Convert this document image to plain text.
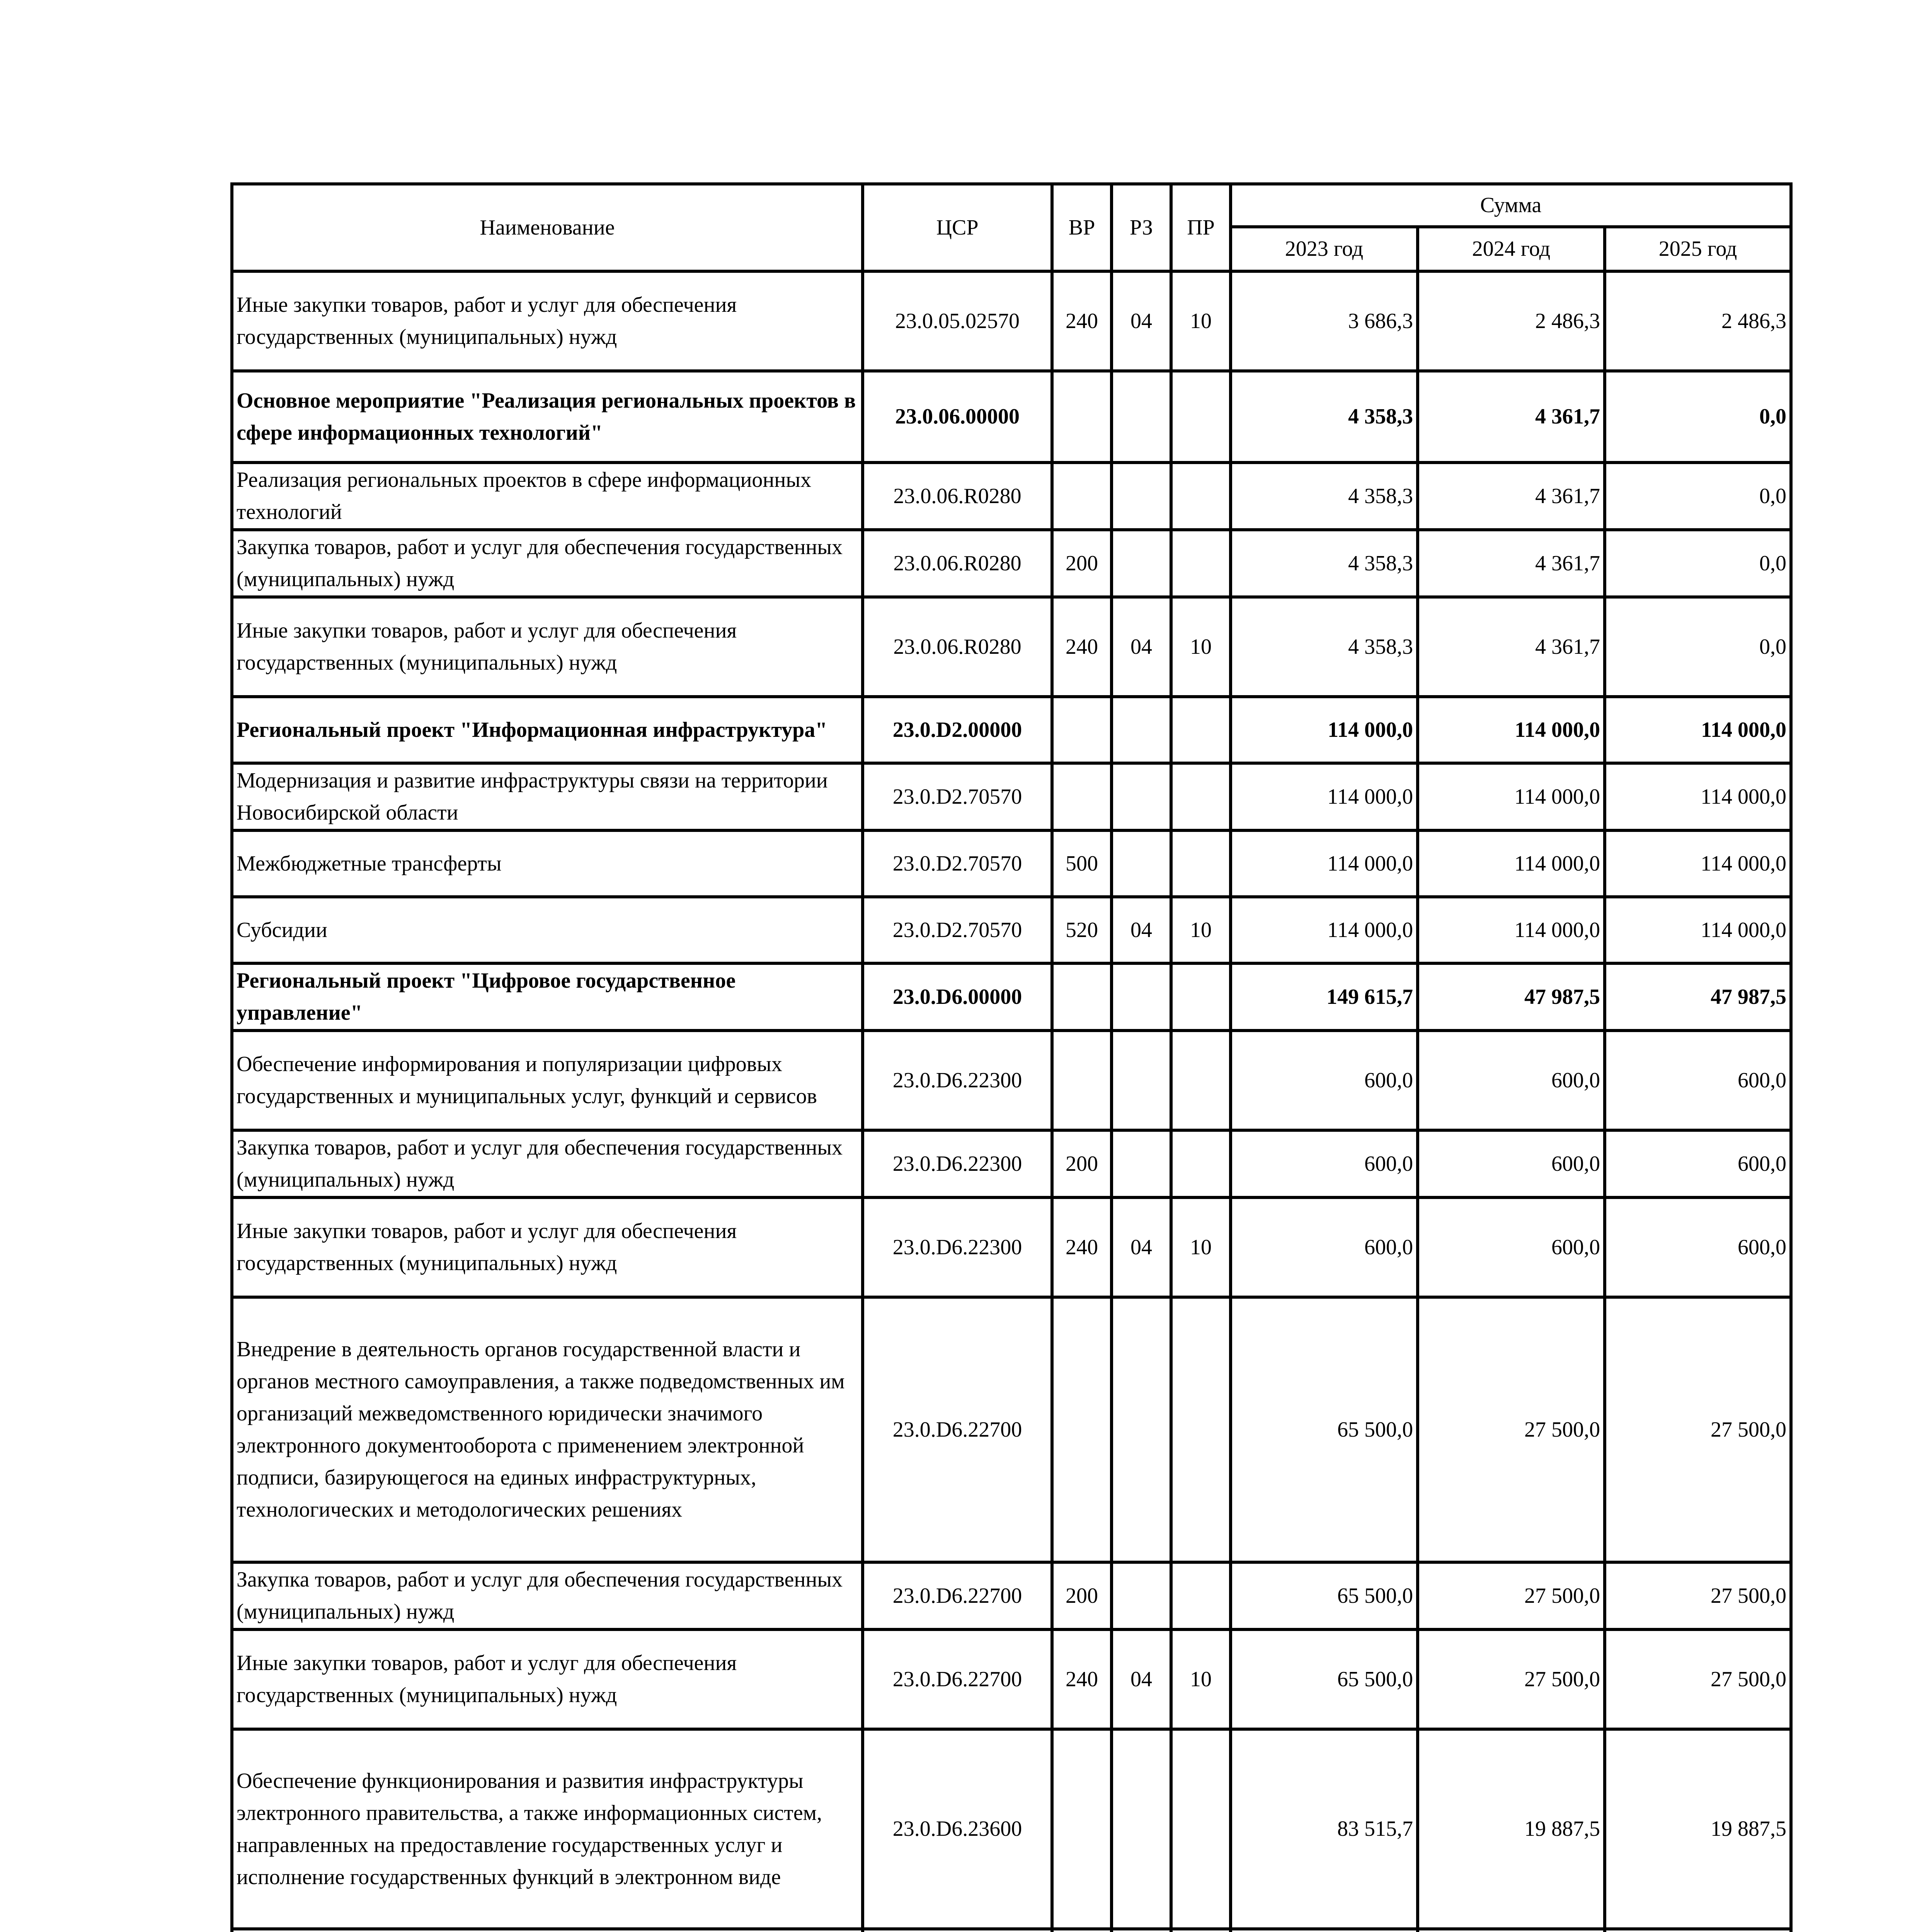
Наименование	ЦСР	ВР	РЗ	ПР	Сумма		
					2023 год	2024 год	2025 год
Иные закупки товаров, работ и услуг для обеспечения государственных (муниципальных) нужд	23.0.05.02570	240	04	10	3 686,3	2 486,3	2 486,3
Основное мероприятие "Реализация региональных проектов в сфере информационных технологий"	23.0.06.00000				4 358,3	4 361,7	0,0
Реализация региональных проектов в сфере информационных технологий	23.0.06.R0280				4 358,3	4 361,7	0,0
Закупка товаров, работ и услуг для обеспечения государственных (муниципальных) нужд	23.0.06.R0280	200			4 358,3	4 361,7	0,0
Иные закупки товаров, работ и услуг для обеспечения государственных (муниципальных) нужд	23.0.06.R0280	240	04	10	4 358,3	4 361,7	0,0
Региональный проект "Информационная инфраструктура"	23.0.D2.00000				114 000,0	114 000,0	114 000,0
Модернизация и развитие инфраструктуры связи на территории Новосибирской области	23.0.D2.70570				114 000,0	114 000,0	114 000,0
Межбюджетные трансферты	23.0.D2.70570	500			114 000,0	114 000,0	114 000,0
Субсидии	23.0.D2.70570	520	04	10	114 000,0	114 000,0	114 000,0
Региональный проект "Цифровое государственное управление"	23.0.D6.00000				149 615,7	47 987,5	47 987,5
Обеспечение информирования и популяризации цифровых государственных и муниципальных услуг, функций и сервисов	23.0.D6.22300				600,0	600,0	600,0
Закупка товаров, работ и услуг для обеспечения государственных (муниципальных) нужд	23.0.D6.22300	200			600,0	600,0	600,0
Иные закупки товаров, работ и услуг для обеспечения государственных (муниципальных) нужд	23.0.D6.22300	240	04	10	600,0	600,0	600,0
Внедрение в деятельность органов государственной власти и органов местного самоуправления, а также подведомственных им организаций межведомственного юридически значимого электронного документооборота с применением электронной подписи, базирующегося на единых инфраструктурных, технологических и методологических решениях	23.0.D6.22700				65 500,0	27 500,0	27 500,0
Закупка товаров, работ и услуг для обеспечения государственных (муниципальных) нужд	23.0.D6.22700	200			65 500,0	27 500,0	27 500,0
Иные закупки товаров, работ и услуг для обеспечения государственных (муниципальных) нужд	23.0.D6.22700	240	04	10	65 500,0	27 500,0	27 500,0
Обеспечение функционирования и развития инфраструктуры электронного правительства, а также информационных систем, направленных на предоставление государственных услуг и исполнение государственных функций в электронном виде	23.0.D6.23600				83 515,7	19 887,5	19 887,5
